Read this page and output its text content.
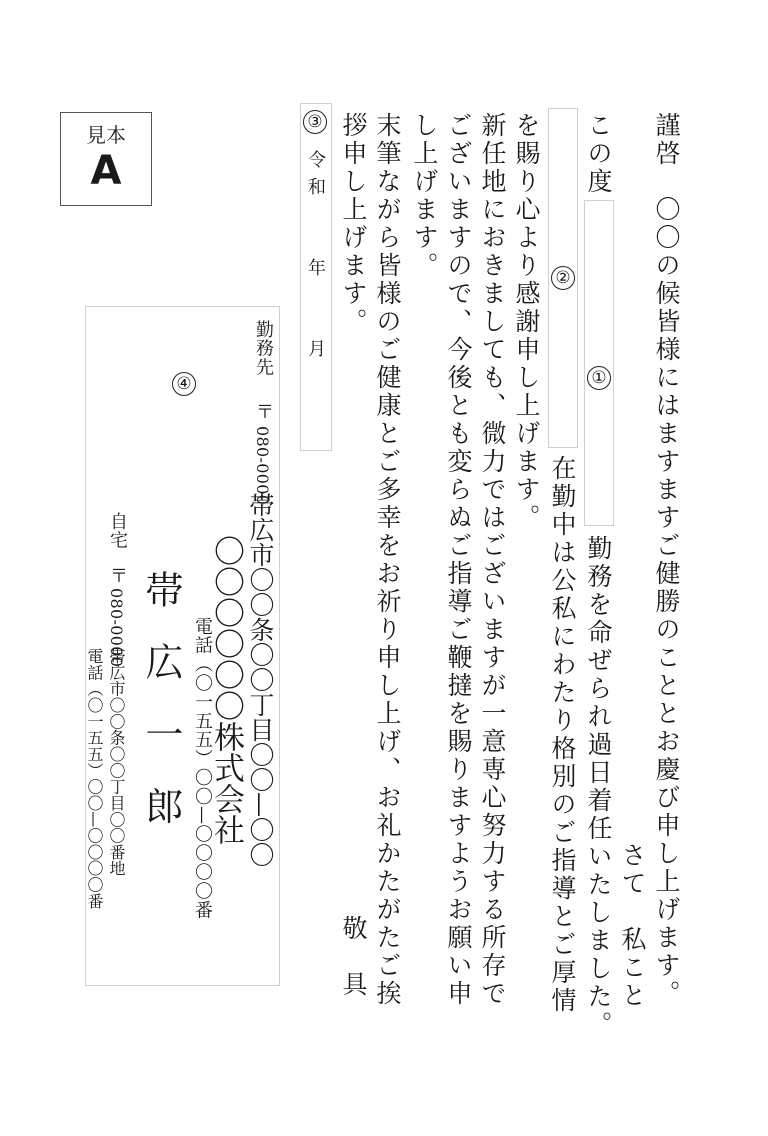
見本
A	謹啓　〇〇の候皆様にはますますご健勝のこととお慶び申し上げます。
さて　私こと
①
勤務を命ぜられ過日着任いたしました。
この度
②
在勤中は公私にわたり格別のご指導とご厚情
を賜り心より感謝申し上げます。
新任地におきましても、微力ではございますが一意専心努力する所存で
ございますので、今後とも変らぬご指導ご鞭撻を賜りますようお願い申
し上げます。
末筆ながら皆様のご健康とご多幸をお祈り申し上げ、お礼かたがたご挨
拶申し上げます。
敬　具
③
令和　　年　　月
④
勤務先
〒
080-0000
帯広市〇〇条〇〇丁目〇〇—〇〇
〇〇〇〇〇〇株式会社
電話（〇一五五）〇〇—〇〇〇〇番
帯広一郎
自宅
〒
080-0000
帯広市〇〇条〇〇丁目〇〇番地
電話（〇一五五）〇〇—〇〇〇〇番
